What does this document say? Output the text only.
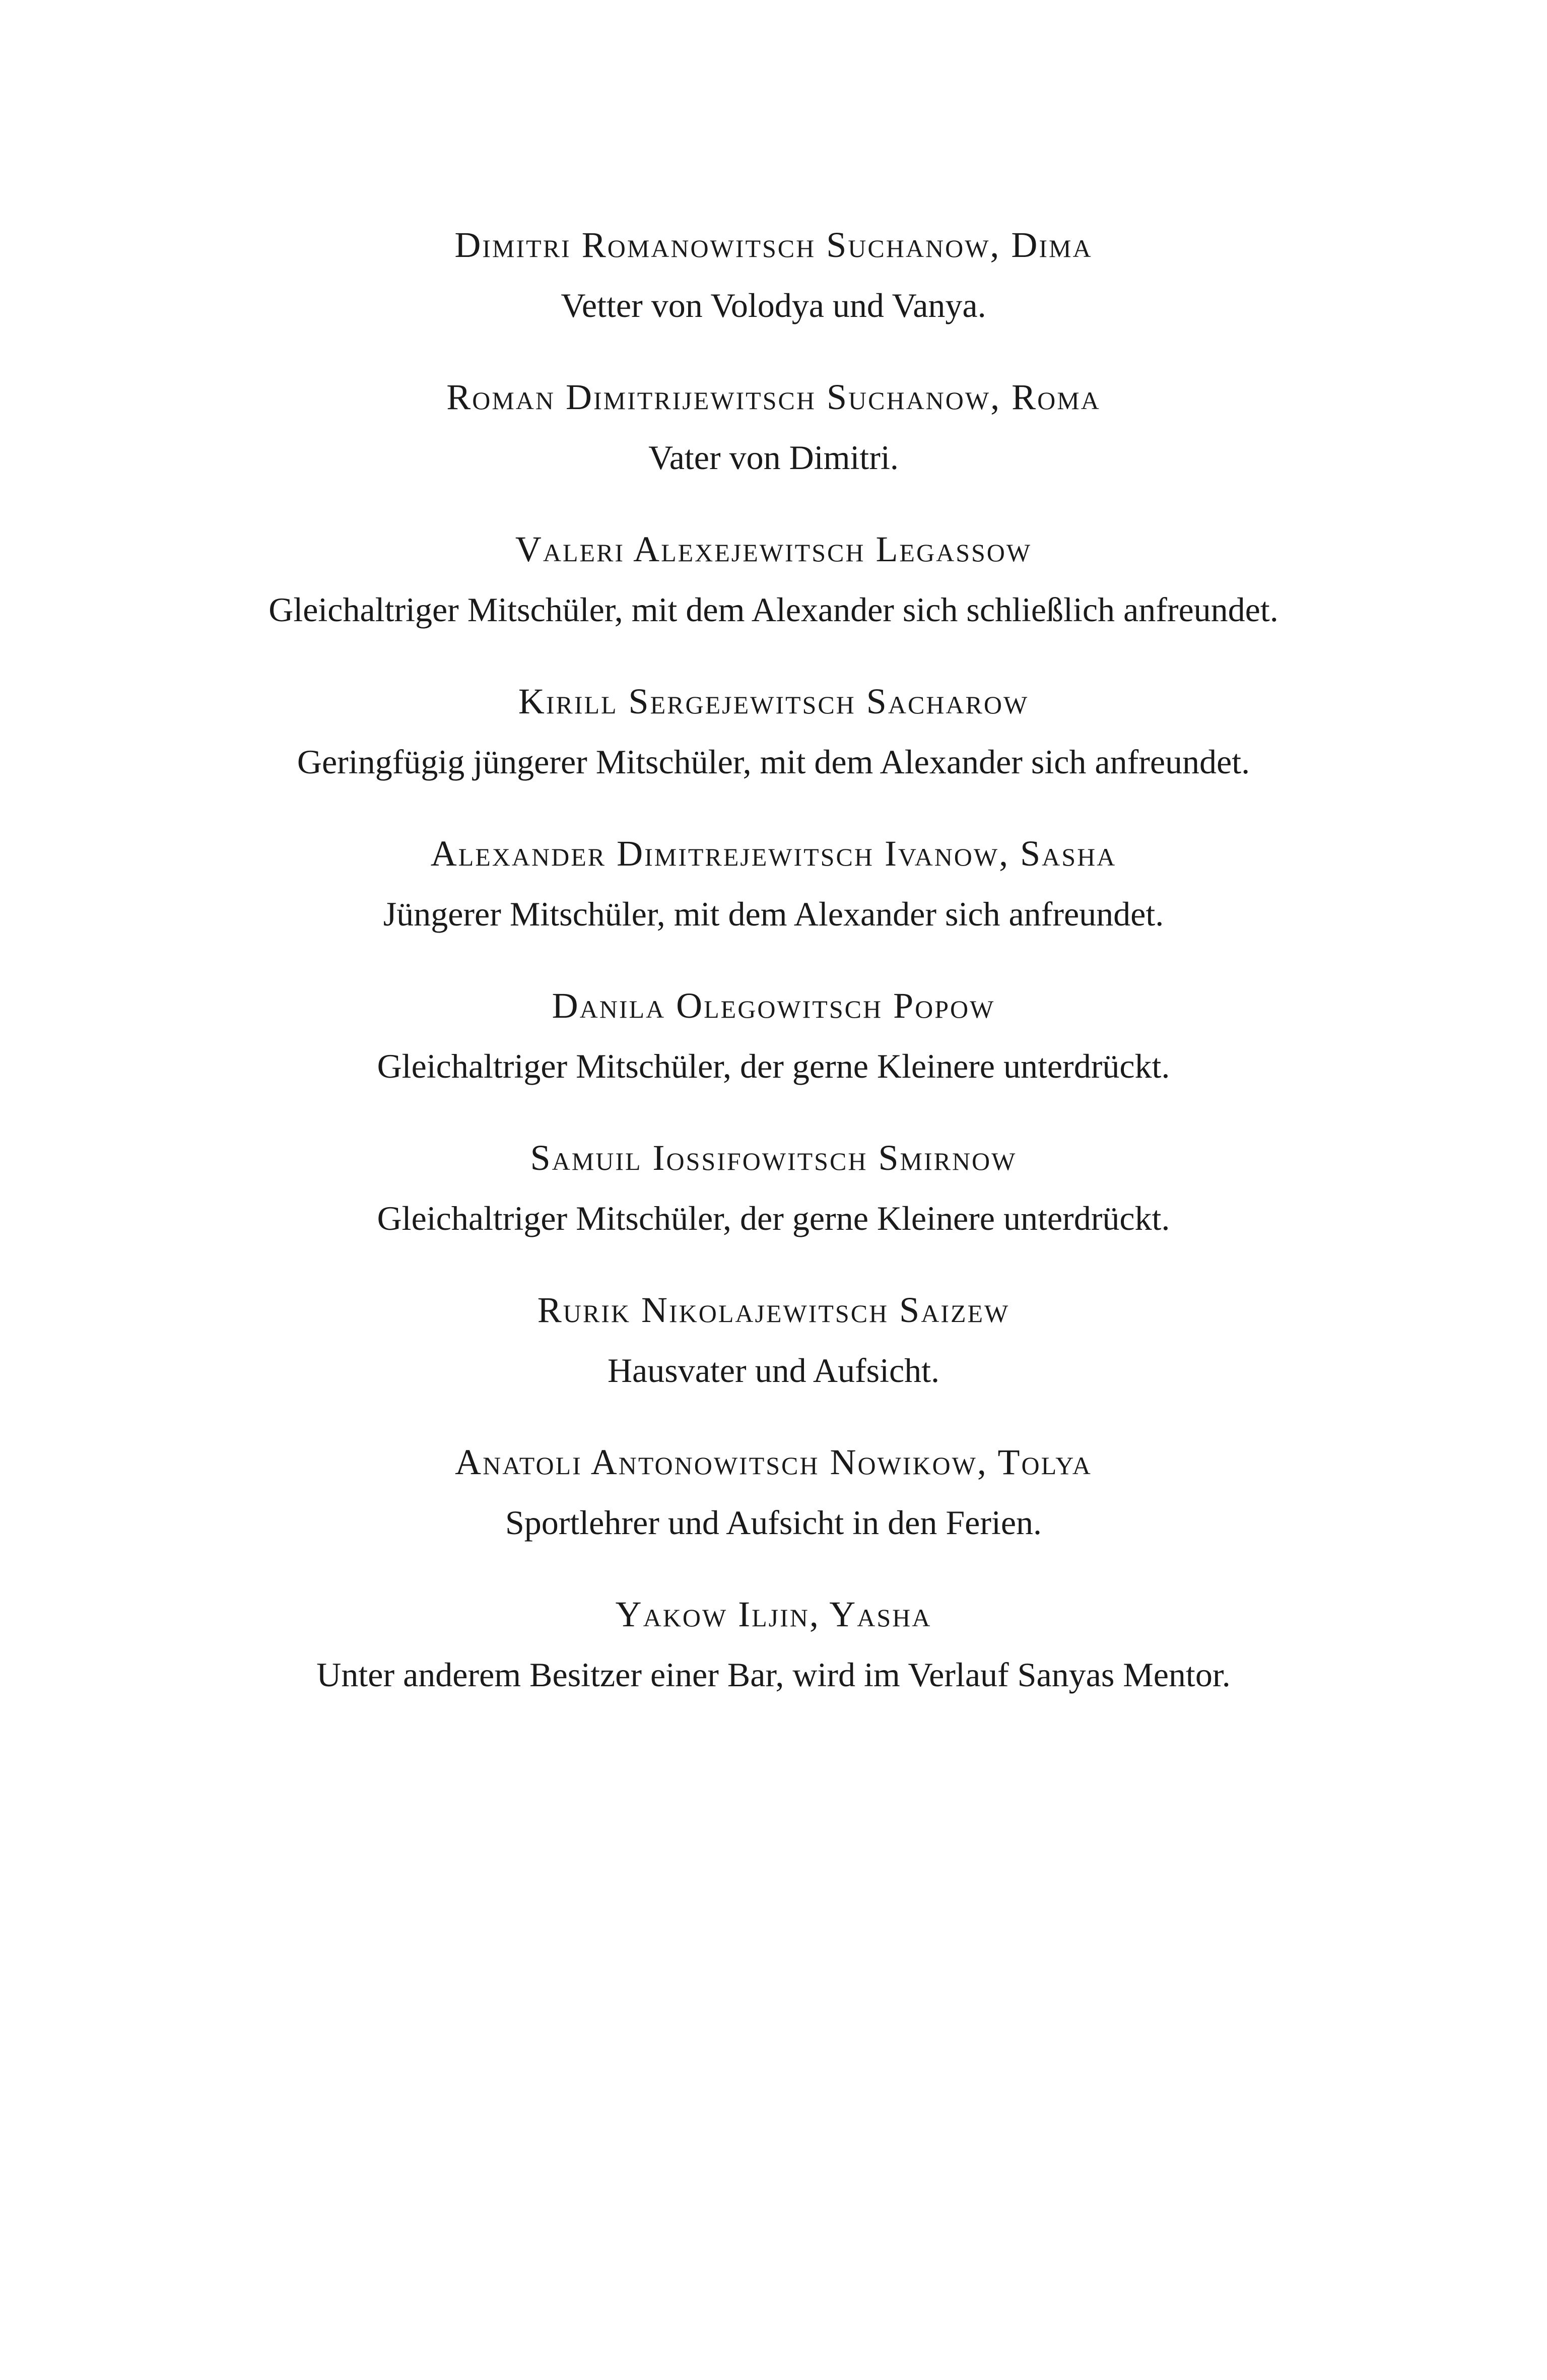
Dimitri Romanowitsch Suchanow, Dima
Vetter von Volodya und Vanya.
Roman Dimitrijewitsch Suchanow, Roma
Vater von Dimitri.
Valeri Alexejewitsch Legassow
Gleichaltriger Mitschüler, mit dem Alexander sich schließlich anfreundet.
Kirill Sergejewitsch Sacharow
Geringfügig jüngerer Mitschüler, mit dem Alexander sich anfreundet.
Alexander Dimitrejewitsch Ivanow, Sasha
Jüngerer Mitschüler, mit dem Alexander sich anfreundet.
Danila Olegowitsch Popow
Gleichaltriger Mitschüler, der gerne Kleinere unterdrückt.
Samuil Iossifowitsch Smirnow
Gleichaltriger Mitschüler, der gerne Kleinere unterdrückt.
Rurik Nikolajewitsch Saizew
Hausvater und Aufsicht.
Anatoli Antonowitsch Nowikow, Tolya
Sportlehrer und Aufsicht in den Ferien.
Yakow Iljin, Yasha
Unter anderem Besitzer einer Bar, wird im Verlauf Sanyas Mentor.
